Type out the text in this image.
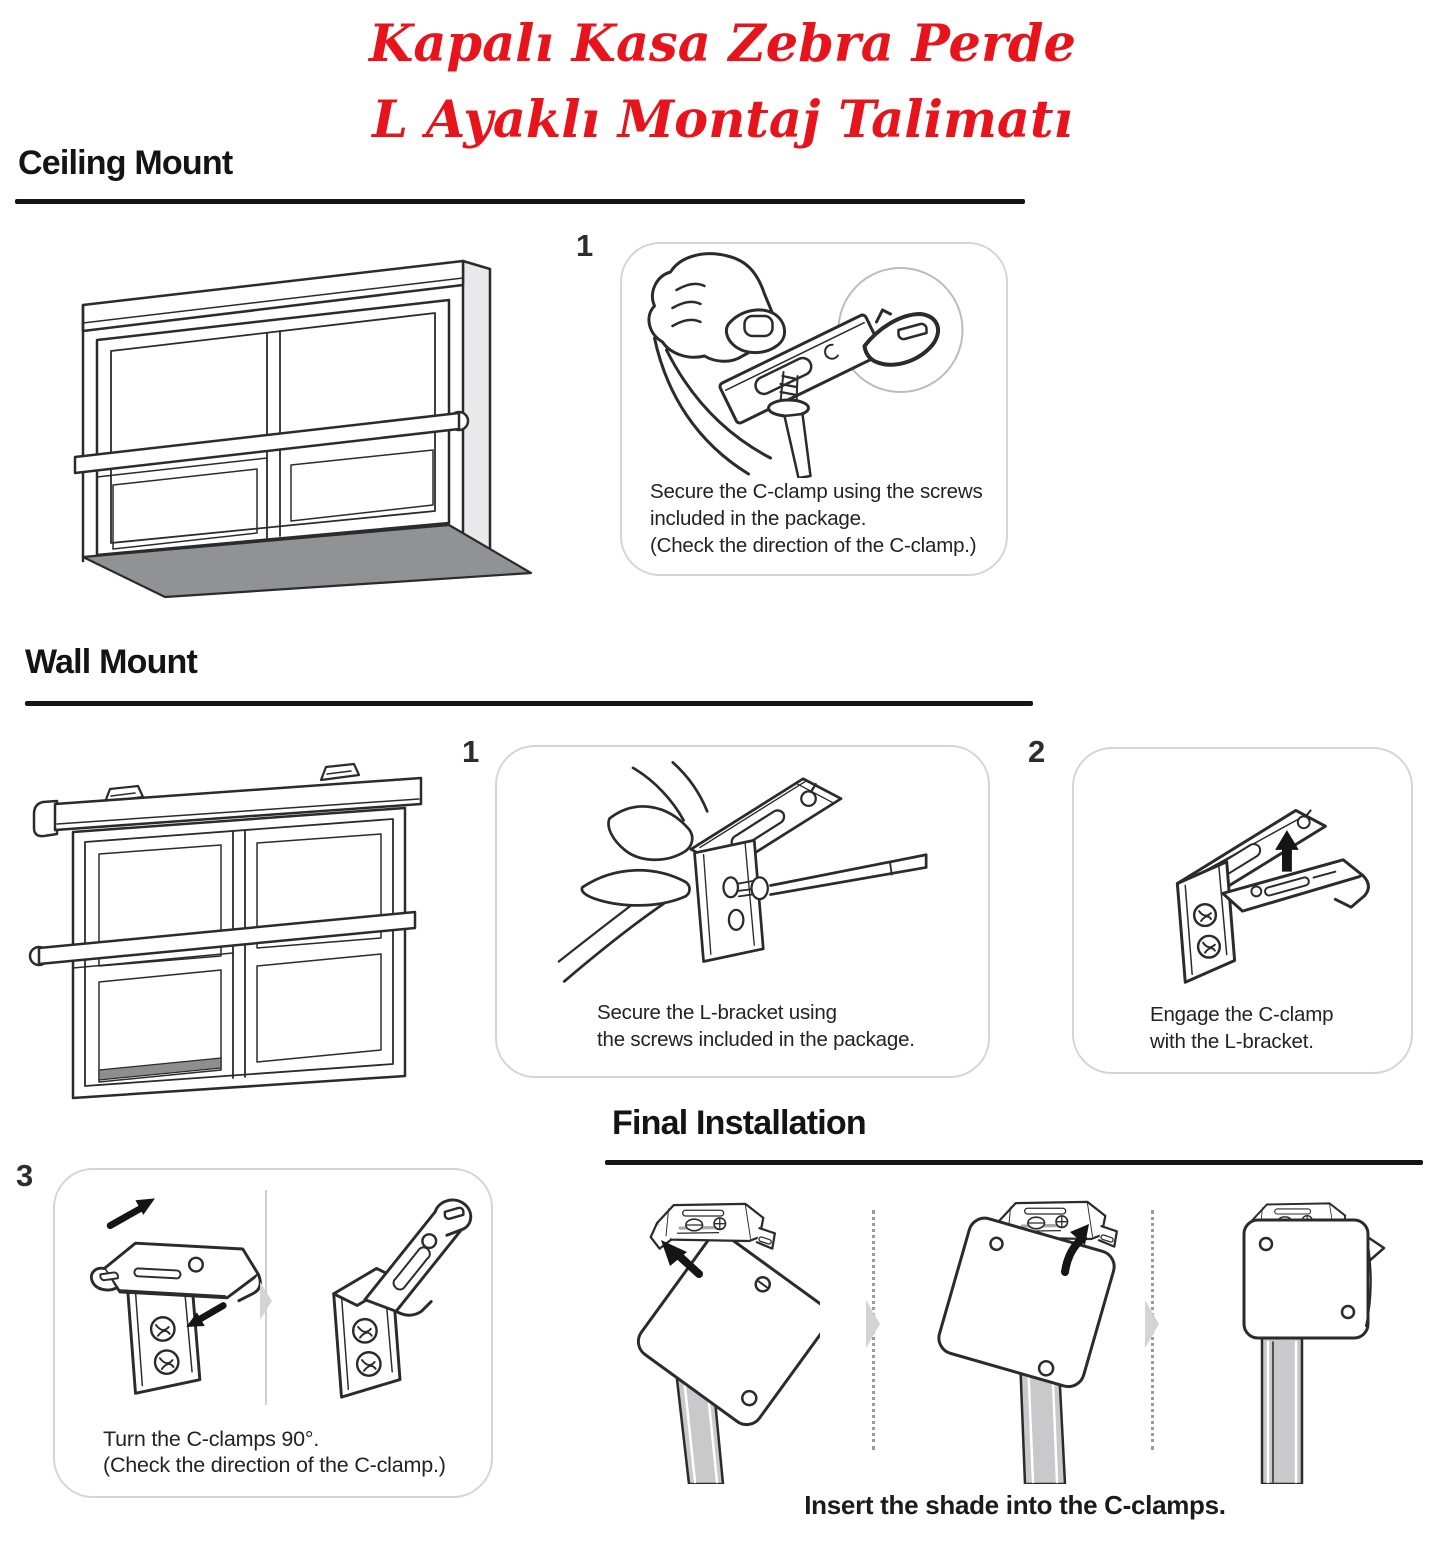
Kapalı Kasa Zebra Perde
L Ayaklı Montaj Talimatı
Ceiling Mount
1

Secure the C-clamp using the screws
included in the package.
(Check the direction of the C-clamp.)

Wall Mount
1

Secure the L-bracket using
the screws included in the package.

2

Engage the C-clamp
with the L-bracket.

Final Installation
3

Turn the C-clamps 90°.
(Check the direction of the C-clamp.)

Insert the shade into the C-clamps.
